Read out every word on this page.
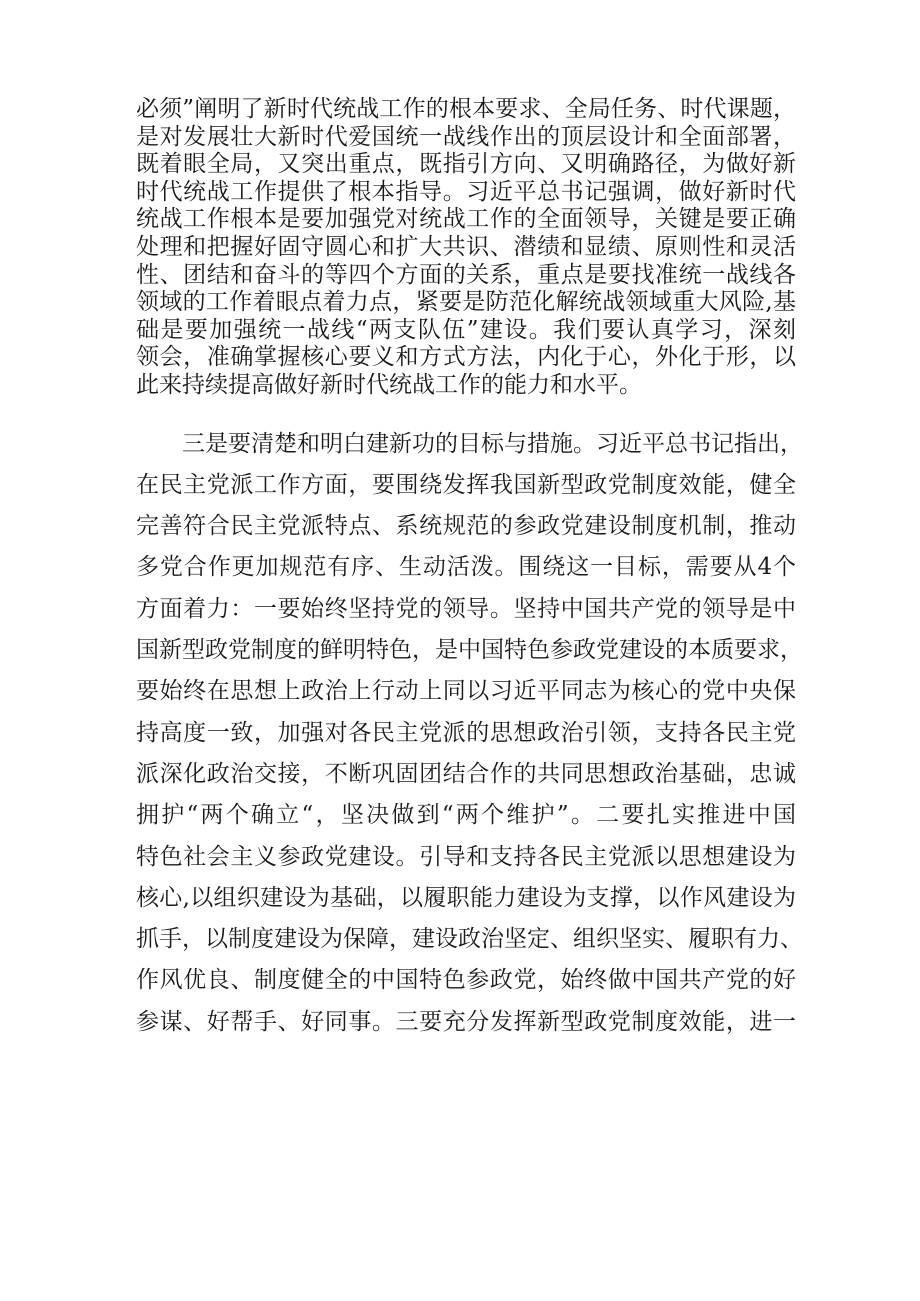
必须”阐明了新时代统战工作的根本要求、全局任务、时代课题，
是对发展壮大新时代爱国统一战线作出的顶层设计和全面部署，
既着眼全局，又突出重点，既指引方向、又明确路径，为做好新
时代统战工作提供了根本指导。习近平总书记强调，做好新时代
统战工作根本是要加强党对统战工作的全面领导，关键是要正确
处理和把握好固守圆心和扩大共识、潜绩和显绩、原则性和灵活
性、团结和奋斗的等四个方面的关系，重点是要找准统一战线各
领域的工作着眼点着力点，紧要是防范化解统战领域重大风险,基
础是要加强统一战线“两支队伍”建设。我们要认真学习，深刻
领会，准确掌握核心要义和方式方法，内化于心，外化于形，以
此来持续提高做好新时代统战工作的能力和水平。
三是要清楚和明白建新功的目标与措施。习近平总书记指出，
在民主党派工作方面，要围绕发挥我国新型政党制度效能，健全
完善符合民主党派特点、系统规范的参政党建设制度机制，推动
多党合作更加规范有序、生动活泼。围绕这一目标，需要从4个
方面着力：一要始终坚持党的领导。坚持中国共产党的领导是中
国新型政党制度的鲜明特色，是中国特色参政党建设的本质要求，
要始终在思想上政治上行动上同以习近平同志为核心的党中央保
持高度一致，加强对各民主党派的思想政治引领，支持各民主党
派深化政治交接，不断巩固团结合作的共同思想政治基础，忠诚
拥护“两个确立“，坚决做到“两个维护”。二要扎实推进中国
特色社会主义参政党建设。引导和支持各民主党派以思想建设为
核心,以组织建设为基础，以履职能力建设为支撑，以作风建设为
抓手，以制度建设为保障，建设政治坚定、组织坚实、履职有力、
作风优良、制度健全的中国特色参政党，始终做中国共产党的好
参谋、好帮手、好同事。三要充分发挥新型政党制度效能，进一
